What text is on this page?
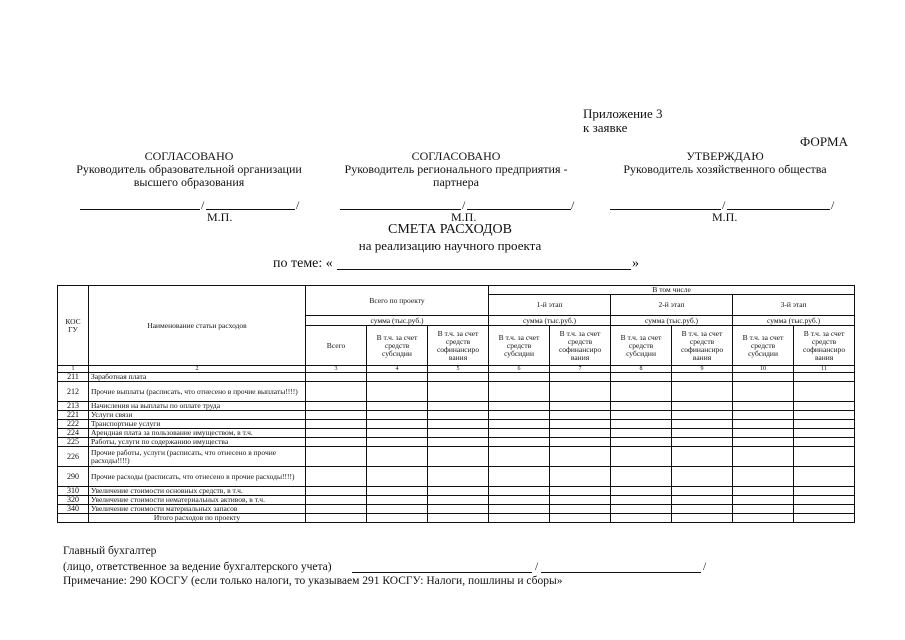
Приложение 3
к заявке
ФОРМА
СОГЛАСОВАНО
Руководитель образовательной организации высшего образования
СОГЛАСОВАНО
Руководитель регионального предприятия - партнера
УТВЕРЖДАЮ
Руководитель хозяйственного общества
/	/
М.П.
/	/
М.П.
/	/
М.П.
СМЕТА РАСХОДОВ
на реализацию научного проекта
по теме: «	»
КОС ГУ	Наименование статьи расходов	Всего по проекту			В том числе					
					1-й этап		2-й этап		3-й этап	
		сумма (тыс.руб.)			сумма (тыс.руб.)		сумма (тыс.руб.)		сумма (тыс.руб.)	
		Всего	В т.ч. за счет средств субсидии	В т.ч. за счет средств софинансиро вания	В т.ч. за счет средств субсидии	В т.ч. за счет средств софинансиро вания	В т.ч. за счет средств субсидии	В т.ч. за счет средств софинансиро вания	В т.ч. за счет средств субсидии	В т.ч. за счет средств софинансиро вания
1	2	3	4	5	6	7	8	9	10	11
211	Заработная плата									
212	Прочие выплаты (расписать, что отнесено в прочие выплаты!!!!)									
213	Начисления на выплаты по оплате труда									
221	Услуги связи									
222	Транспортные услуги									
224	Арендная плата за пользование имуществом, в т.ч.									
225	Работы, услуги по содержанию имущества									
226	Прочие работы, услуги (расписать, что отнесено в прочие расходы!!!!)									
290	Прочие расходы (расписать, что отнесено в прочие расходы!!!!)									
310	Увеличение стоимости основных средств, в т.ч.									
320	Увеличение стоимости нематериальных активов, в т.ч.									
340	Увеличение стоимости материальных запасов									
	Итого расходов по проекту									
Главный бухгалтер
(лицо, ответственное за ведение бухгалтерского учета)	/	/
Примечание: 290 КОСГУ (если только налоги, то указываем 291 КОСГУ: Налоги, пошлины и сборы»
